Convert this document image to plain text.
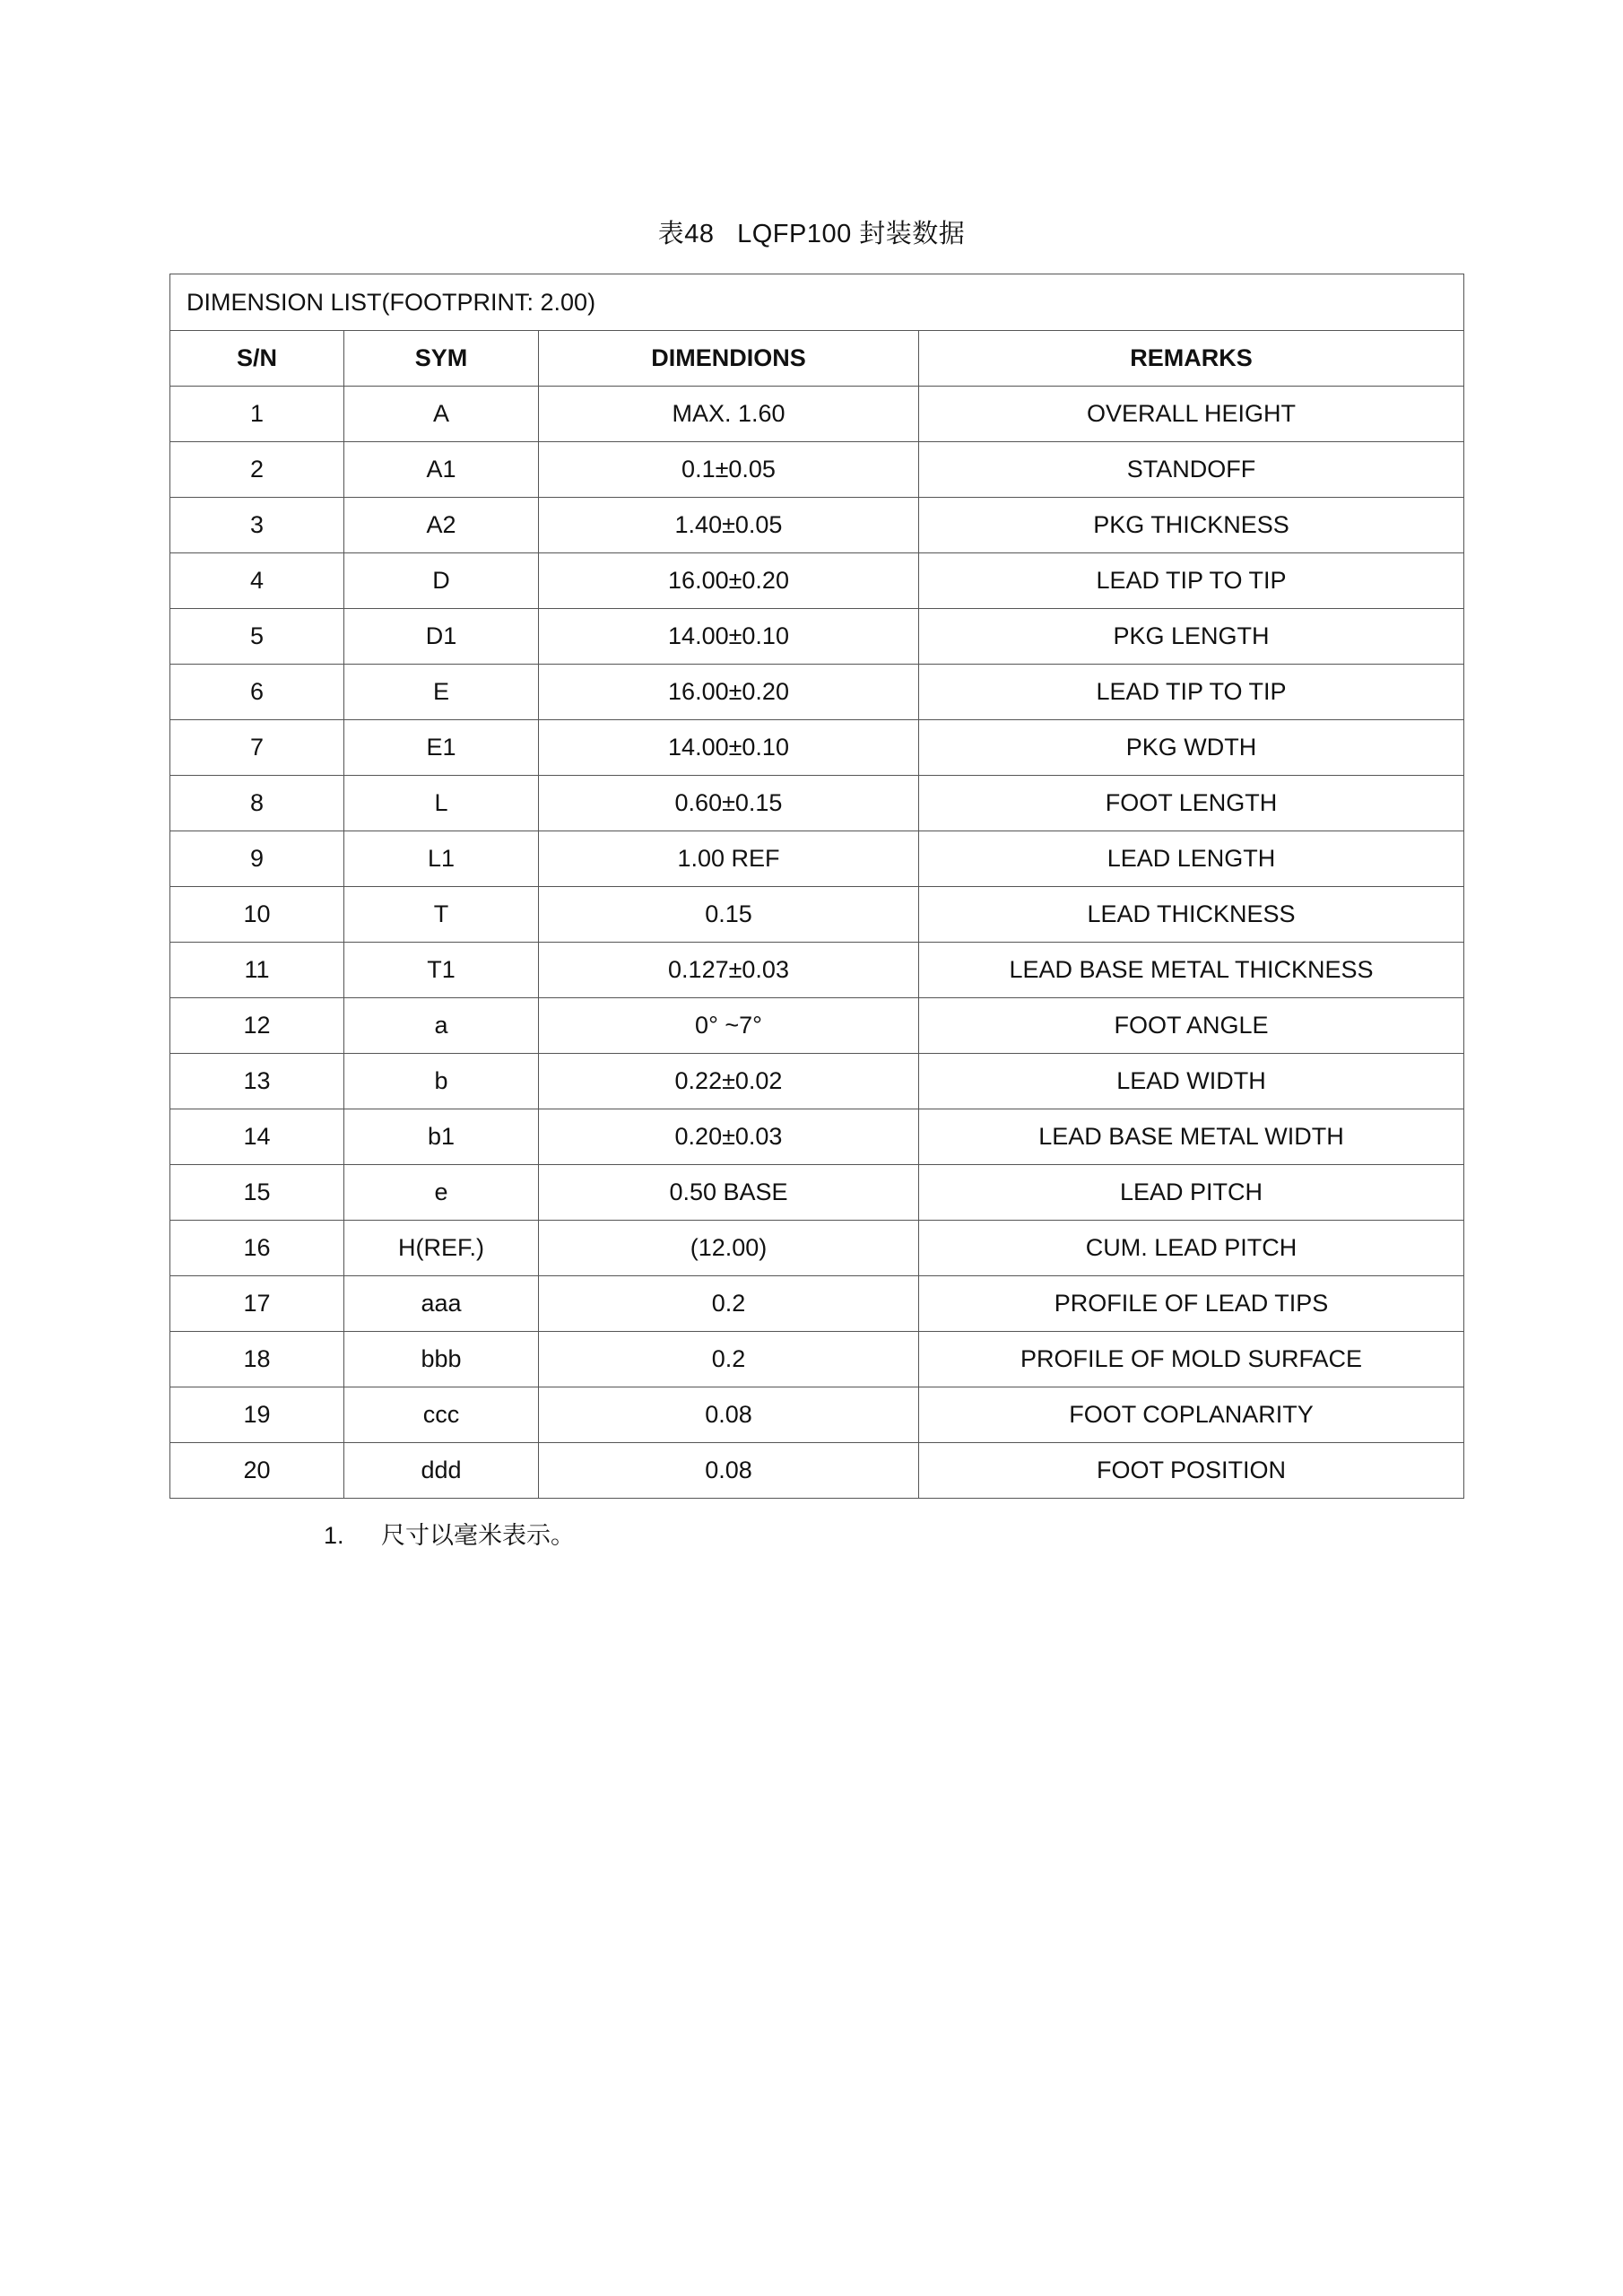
表48   LQFP100 封装数据
DIMENSION LIST(FOOTPRINT: 2.00)			
S/N	SYM	DIMENDIONS	REMARKS
1	A	MAX. 1.60	OVERALL HEIGHT
2	A1	0.1±0.05	STANDOFF
3	A2	1.40±0.05	PKG THICKNESS
4	D	16.00±0.20	LEAD TIP TO TIP
5	D1	14.00±0.10	PKG LENGTH
6	E	16.00±0.20	LEAD TIP TO TIP
7	E1	14.00±0.10	PKG WDTH
8	L	0.60±0.15	FOOT LENGTH
9	L1	1.00 REF	LEAD LENGTH
10	T	0.15	LEAD THICKNESS
11	T1	0.127±0.03	LEAD BASE METAL THICKNESS
12	a	0° ~7°	FOOT ANGLE
13	b	0.22±0.02	LEAD WIDTH
14	b1	0.20±0.03	LEAD BASE METAL WIDTH
15	e	0.50 BASE	LEAD PITCH
16	H(REF.)	(12.00)	CUM. LEAD PITCH
17	aaa	0.2	PROFILE OF LEAD TIPS
18	bbb	0.2	PROFILE OF MOLD SURFACE
19	ccc	0.08	FOOT COPLANARITY
20	ddd	0.08	FOOT POSITION
1. 尺寸以毫米表示。
